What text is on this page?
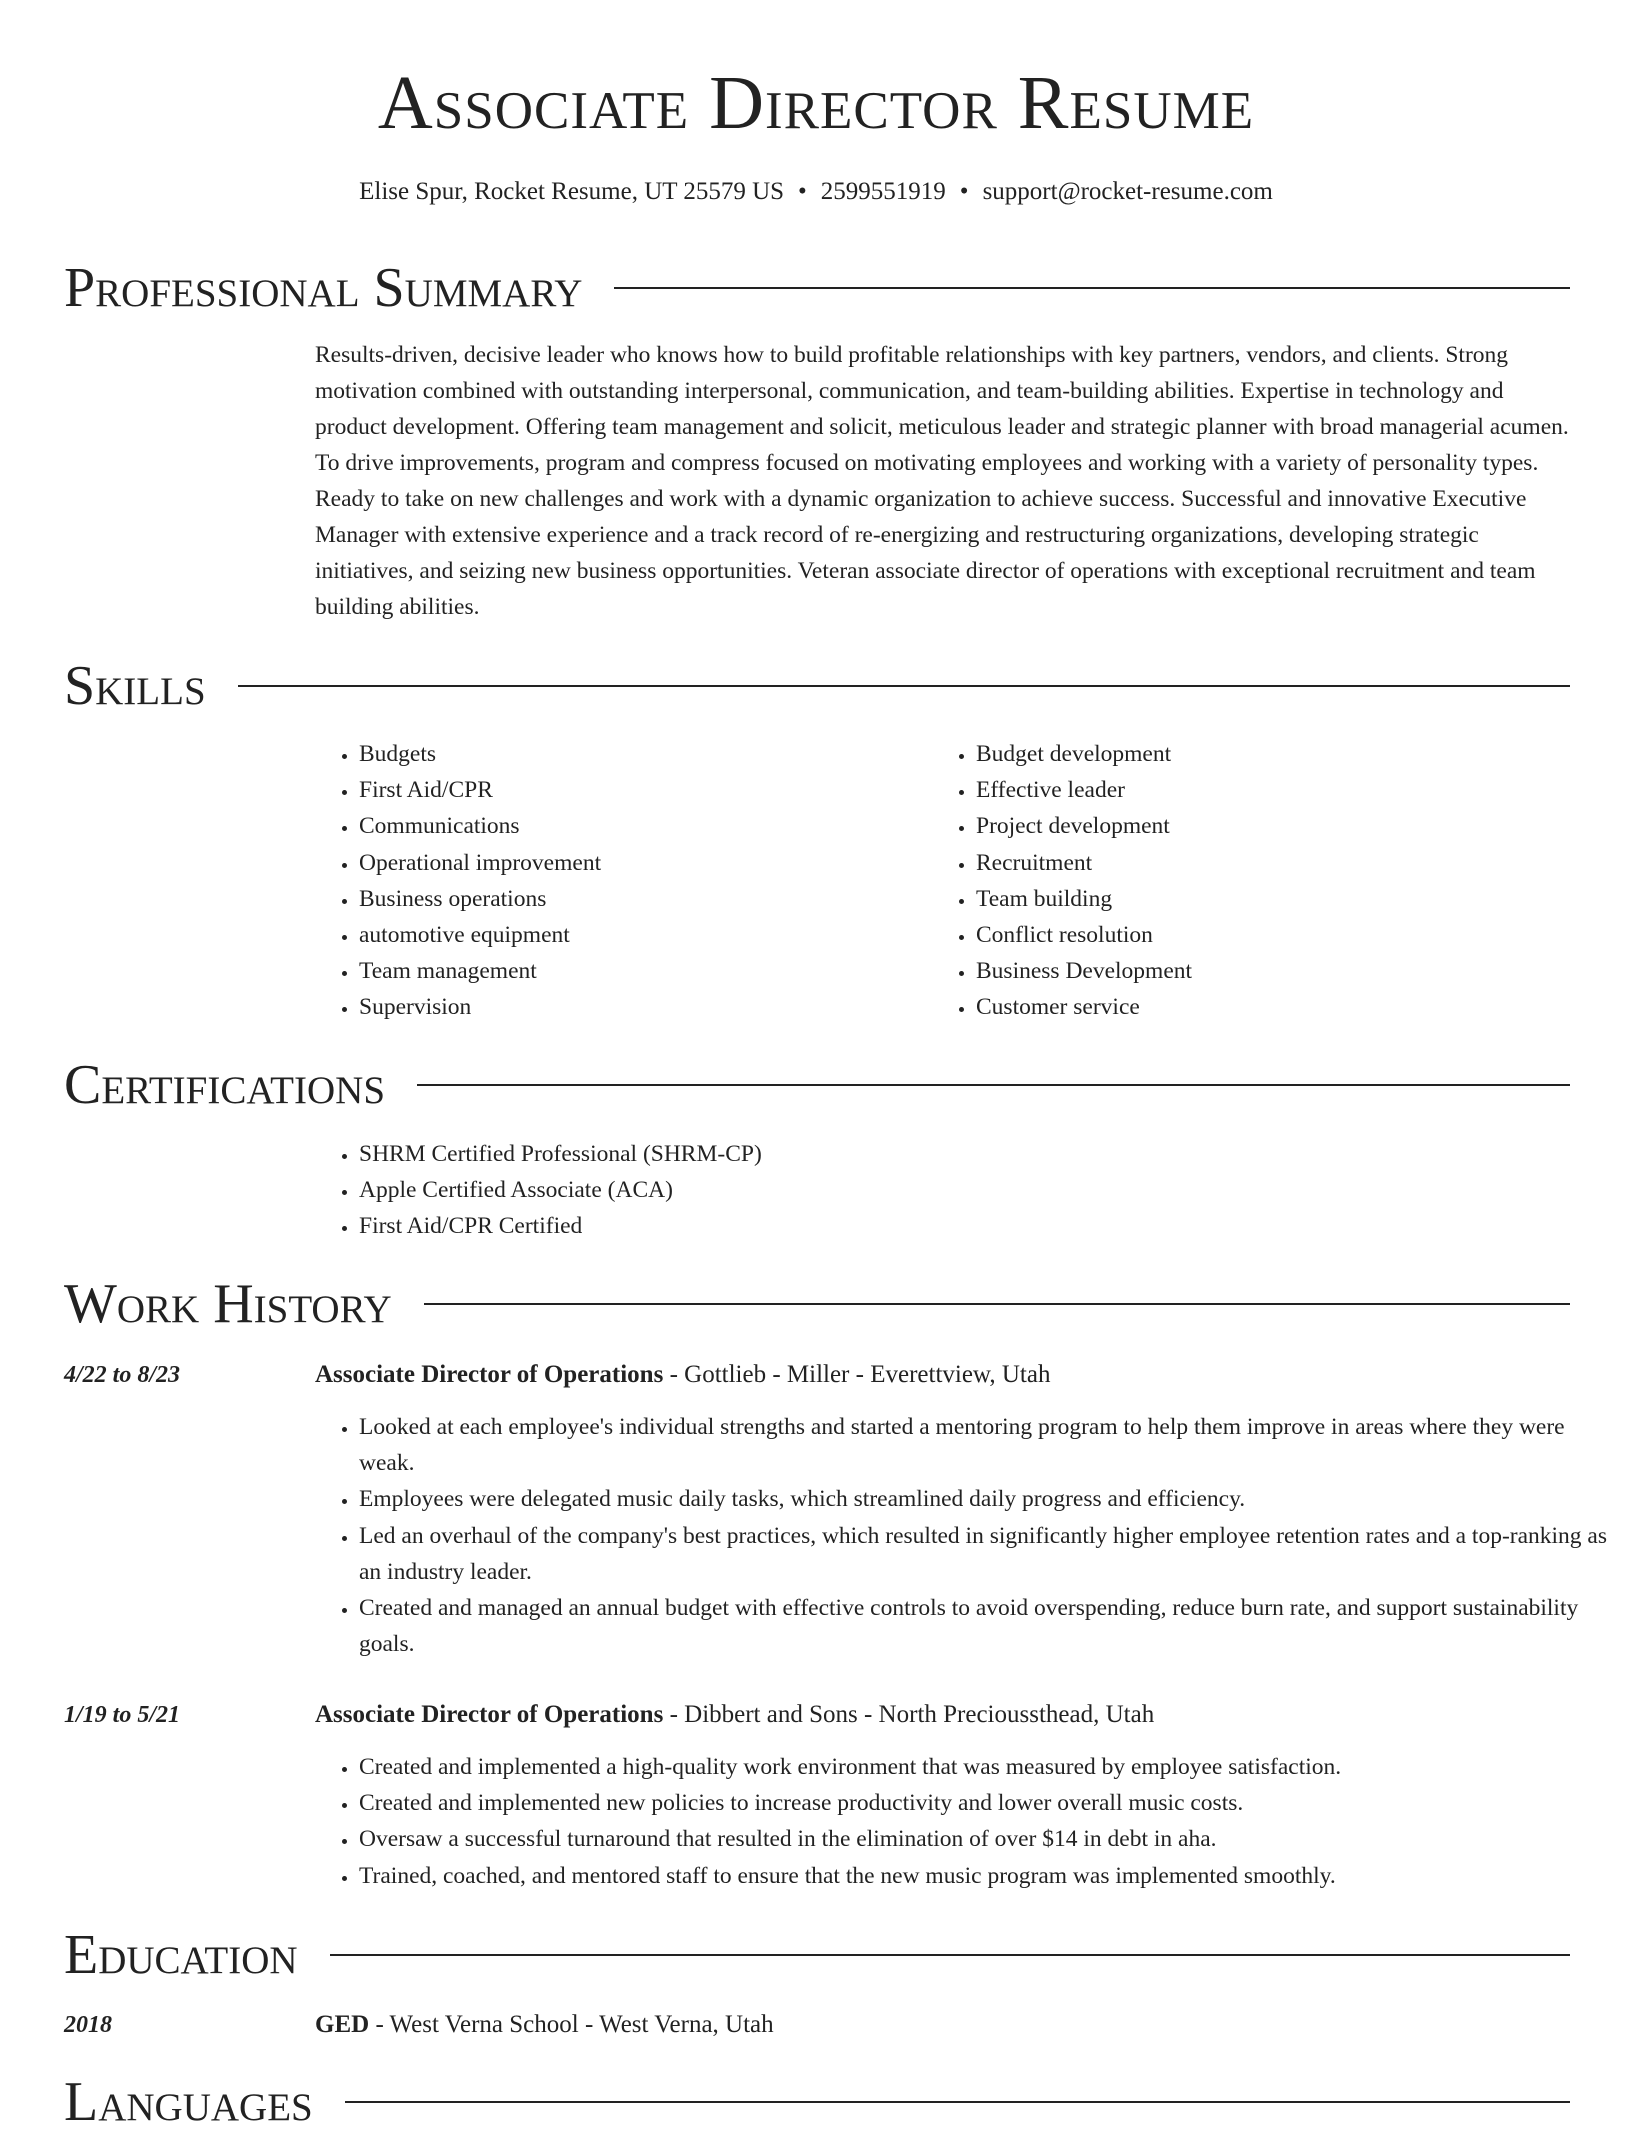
Associate Director Resume
Elise Spur, Rocket Resume, UT 25579 US • 2599551919 • support@rocket-resume.com
Professional Summary

Results-driven, decisive leader who knows how to build profitable relationships with key partners, vendors, and clients. Strong motivation combined with outstanding interpersonal, communication, and team-building abilities. Expertise in technology and product development. Offering team management and solicit, meticulous leader and strategic planner with broad managerial acumen. To drive improvements, program and compress focused on motivating employees and working with a variety of personality types. Ready to take on new challenges and work with a dynamic organization to achieve success. Successful and innovative Executive Manager with extensive experience and a track record of re-energizing and restructuring organizations, developing strategic initiatives, and seizing new business opportunities. Veteran associate director of operations with exceptional recruitment and team building abilities.

Skills
• Budgets
• First Aid/CPR
• Communications
• Operational improvement
• Business operations
• automotive equipment
• Team management
• Supervision
• Budget development
• Effective leader
• Project development
• Recruitment
• Team building
• Conflict resolution
• Business Development
• Customer service
Certifications
• SHRM Certified Professional (SHRM-CP)
• Apple Certified Associate (ACA)
• First Aid/CPR Certified
Work History
4/22 to 8/23	Associate Director of Operations - Gottlieb - Miller - Everettview, Utah
• Looked at each employee's individual strengths and started a mentoring program to help them improve in areas where they were weak.
• Employees were delegated music daily tasks, which streamlined daily progress and efficiency.
• Led an overhaul of the company's best practices, which resulted in significantly higher employee retention rates and a top-ranking as an industry leader.
• Created and managed an annual budget with effective controls to avoid overspending, reduce burn rate, and support sustainability goals.
1/19 to 5/21	Associate Director of Operations - Dibbert and Sons - North Precioussthead, Utah
• Created and implemented a high-quality work environment that was measured by employee satisfaction.
• Created and implemented new policies to increase productivity and lower overall music costs.
• Oversaw a successful turnaround that resulted in the elimination of over $14 in debt in aha.
• Trained, coached, and mentored staff to ensure that the new music program was implemented smoothly.
Education
2018	GED - West Verna School - West Verna, Utah
Languages
